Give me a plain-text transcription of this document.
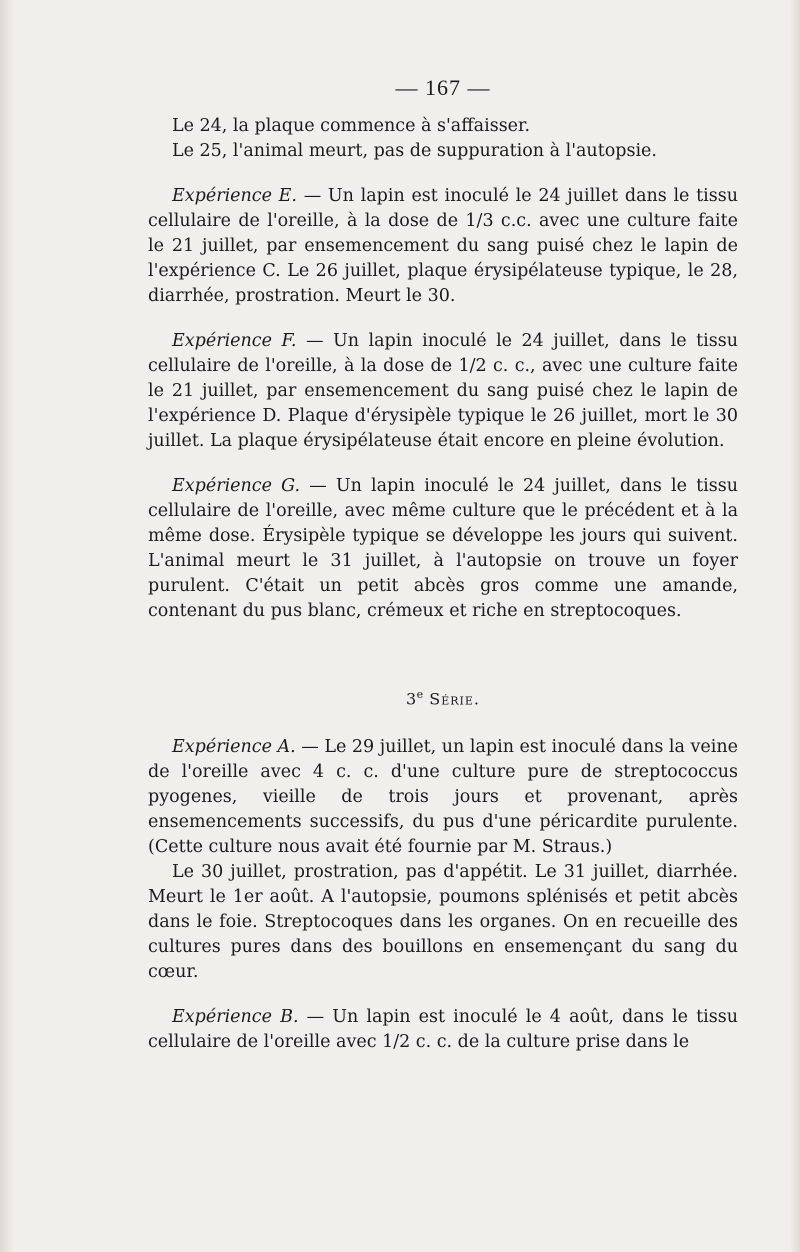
— 167 —

Le 24, la plaque commence à s'affaisser.

Le 25, l'animal meurt, pas de suppuration à l'autopsie.

Expérience E. — Un lapin est inoculé le 24 juillet dans le tissu cellulaire de l'oreille, à la dose de 1/3 c.c. avec une culture faite le 21 juillet, par ensemencement du sang puisé chez le lapin de l'expérience C. Le 26 juillet, plaque érysipélateuse typique, le 28, diarrhée, prostration. Meurt le 30.

Expérience F. — Un lapin inoculé le 24 juillet, dans le tissu cellulaire de l'oreille, à la dose de 1/2 c. c., avec une culture faite le 21 juillet, par ensemencement du sang puisé chez le lapin de l'expérience D. Plaque d'érysipèle typique le 26 juillet, mort le 30 juillet. La plaque érysipélateuse était encore en pleine évolution.

Expérience G. — Un lapin inoculé le 24 juillet, dans le tissu cellulaire de l'oreille, avec même culture que le précédent et à la même dose. Érysipèle typique se développe les jours qui suivent. L'animal meurt le 31 juillet, à l'autopsie on trouve un foyer purulent. C'était un petit abcès gros comme une amande, contenant du pus blanc, crémeux et riche en streptocoques.

3e Série.

Expérience A. — Le 29 juillet, un lapin est inoculé dans la veine de l'oreille avec 4 c. c. d'une culture pure de streptococcus pyogenes, vieille de trois jours et provenant, après ensemencements successifs, du pus d'une péricardite purulente. (Cette culture nous avait été fournie par M. Straus.)

Le 30 juillet, prostration, pas d'appétit. Le 31 juillet, diarrhée. Meurt le 1er août. A l'autopsie, poumons splénisés et petit abcès dans le foie. Streptocoques dans les organes. On en recueille des cultures pures dans des bouillons en ensemençant du sang du cœur.

Expérience B. — Un lapin est inoculé le 4 août, dans le tissu cellulaire de l'oreille avec 1/2 c. c. de la culture prise dans le
